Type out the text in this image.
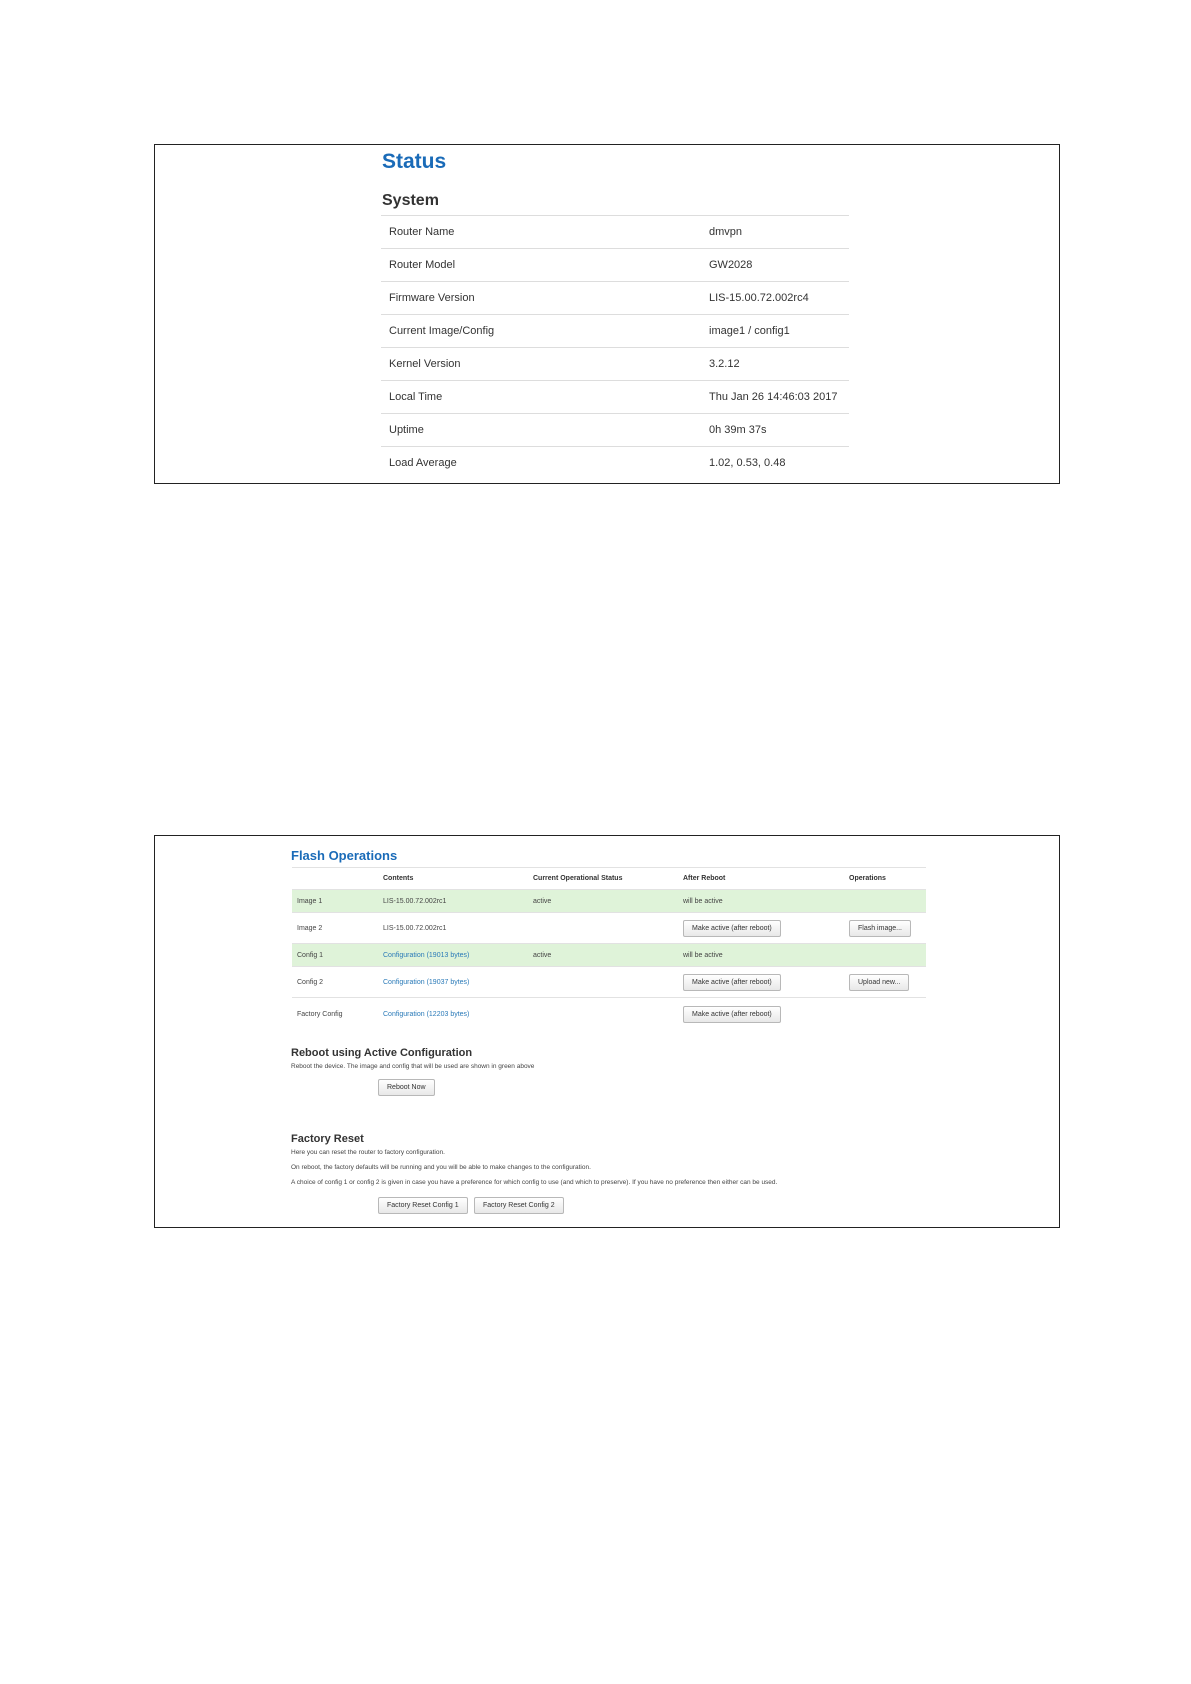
Status
System
Router Name	dmvpn
Router Model	GW2028
Firmware Version	LIS-15.00.72.002rc4
Current Image/Config	image1 / config1
Kernel Version	3.2.12
Local Time	Thu Jan 26 14:46:03 2017
Uptime	0h 39m 37s
Load Average	1.02, 0.53, 0.48
Flash Operations
	Contents	Current Operational Status	After Reboot	Operations
Image 1	LIS-15.00.72.002rc1	active	will be active	
Image 2	LIS-15.00.72.002rc1		Make active (after reboot)	Flash image...
Config 1	Configuration (19013 bytes)	active	will be active	
Config 2	Configuration (19037 bytes)		Make active (after reboot)	Upload new...
Factory Config	Configuration (12203 bytes)		Make active (after reboot)	
Reboot using Active Configuration

Reboot the device. The image and config that will be used are shown in green above

Reboot Now
Factory Reset

Here you can reset the router to factory configuration.

On reboot, the factory defaults will be running and you will be able to make changes to the configuration.

A choice of config 1 or config 2 is given in case you have a preference for which config to use (and which to preserve). If you have no preference then either can be used.

Factory Reset Config 1	Factory Reset Config 2
